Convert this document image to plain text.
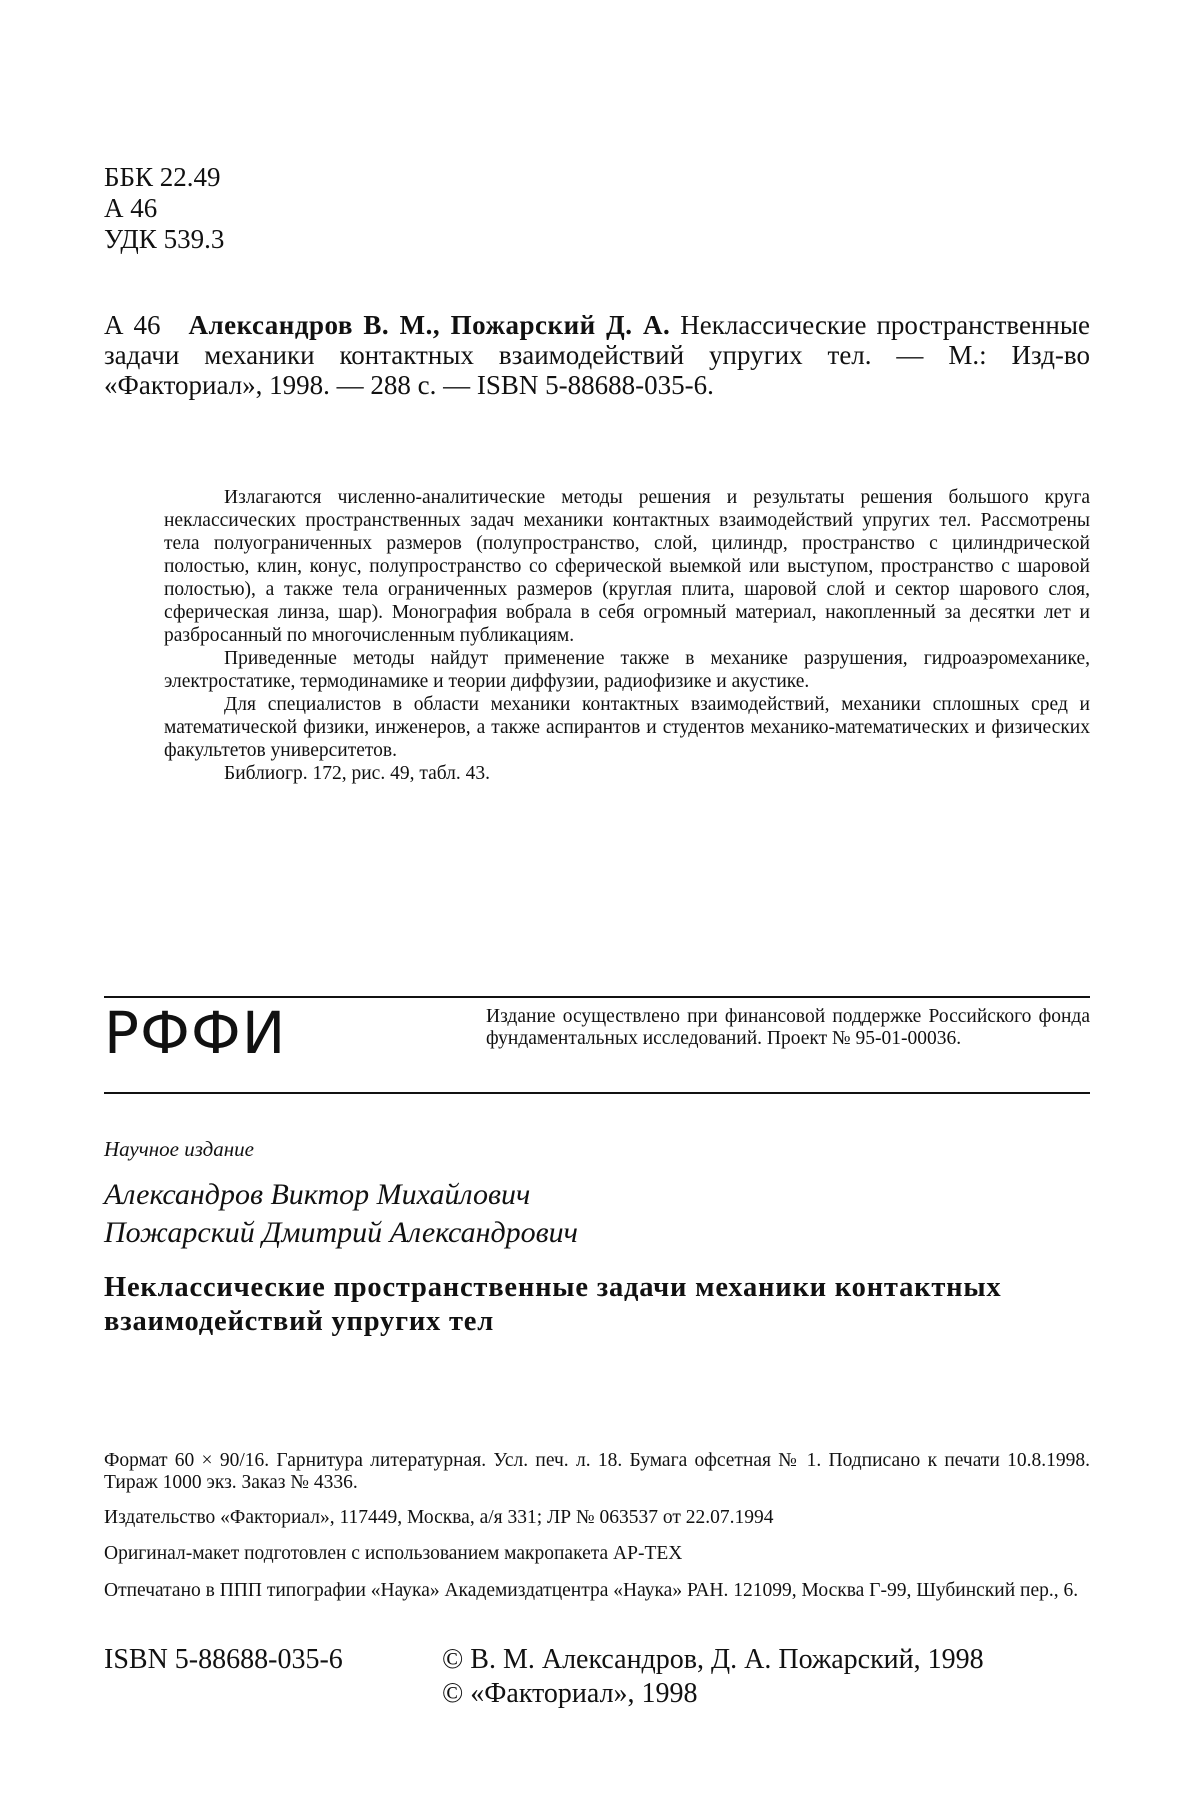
ББК 22.49
А 46
УДК 539.3
А 46 Александров В. М., Пожарский Д. А. Неклассические пространственные задачи механики контактных взаимодействий упругих тел. — М.: Изд-во «Факториал», 1998. — 288 с. — ISBN 5-88688-035-6.

Излагаются численно-аналитические методы решения и результаты решения большого круга неклассических пространственных задач механики контактных взаимодействий упругих тел. Рассмотрены тела полуограниченных размеров (полупространство, слой, цилиндр, пространство с цилиндрической полостью, клин, конус, полупространство со сферической выемкой или выступом, пространство с шаровой полостью), а также тела ограниченных размеров (круглая плита, шаровой слой и сектор шарового слоя, сферическая линза, шар). Монография вобрала в себя огромный материал, накопленный за десятки лет и разбросанный по многочисленным публикациям.

Приведенные методы найдут применение также в механике разрушения, гидроаэромеханике, электростатике, термодинамике и теории диффузии, радиофизике и акустике.

Для специалистов в области механики контактных взаимодействий, механики сплошных сред и математической физики, инженеров, а также аспирантов и студентов механико-математических и физических факультетов университетов.

Библиогр. 172, рис. 49, табл. 43.

РФФИ	Издание осуществлено при финансовой поддержке Российского фонда фундаментальных исследований. Проект № 95-01-00036.
Научное издание
Александров Виктор Михайлович
Пожарский Дмитрий Александрович
Неклассические пространственные задачи механики контактных взаимодействий упругих тел
Формат 60 × 90/16. Гарнитура литературная. Усл. печ. л. 18. Бумага офсетная № 1. Подписано к печати 10.8.1998. Тираж 1000 экз. Заказ № 4336.
Издательство «Факториал», 117449, Москва, а/я 331; ЛР № 063537 от 22.07.1994
Оригинал-макет подготовлен с использованием макропакета AP-TEX
Отпечатано в ППП типографии «Наука» Академиздатцентра «Наука» РАН. 121099, Москва Г-99, Шубинский пер., 6.
ISBN 5-88688-035-6	© В. М. Александров, Д. А. Пожарский, 1998
© «Факториал», 1998
